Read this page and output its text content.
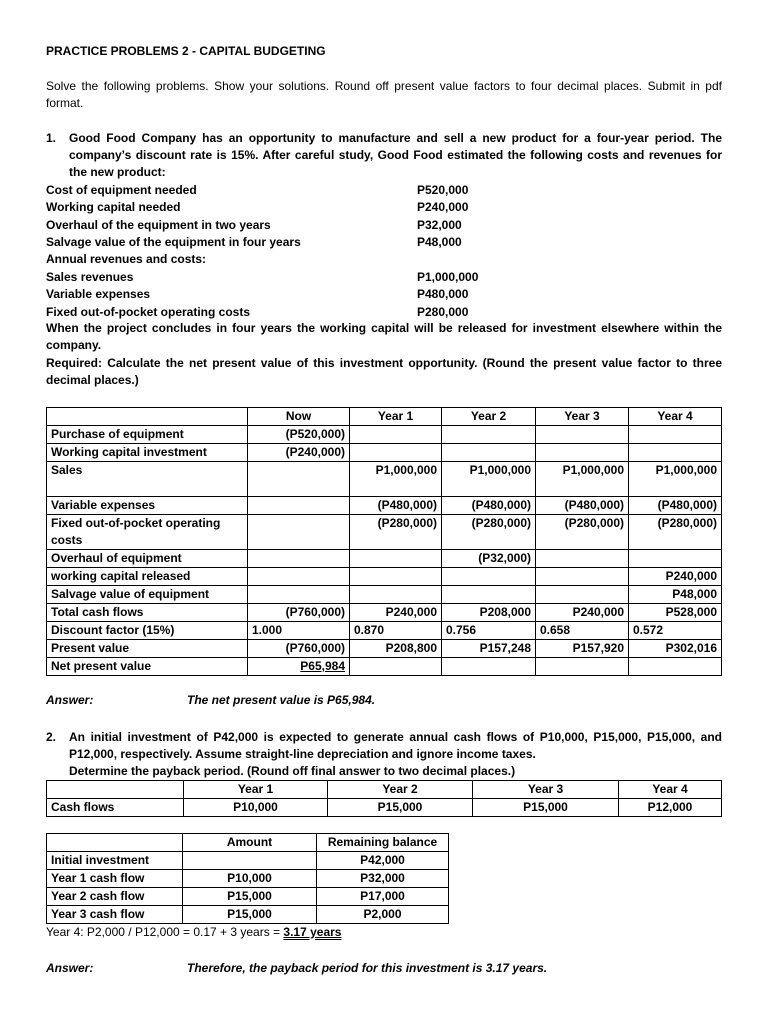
PRACTICE PROBLEMS 2 - CAPITAL BUDGETING
Solve the following problems. Show your solutions. Round off present value factors to four decimal places. Submit in pdf format.
1. Good Food Company has an opportunity to manufacture and sell a new product for a four-year period. The company’s discount rate is 15%. After careful study, Good Food estimated the following costs and revenues for the new product:
Cost of equipment needed	P520,000
Working capital needed	P240,000
Overhaul of the equipment in two years	P32,000
Salvage value of the equipment in four years	P48,000
Annual revenues and costs:
Sales revenues	P1,000,000
Variable expenses	P480,000
Fixed out-of-pocket operating costs	P280,000
When the project concludes in four years the working capital will be released for investment elsewhere within the company.
Required: Calculate the net present value of this investment opportunity. (Round the present value factor to three decimal places.)
	Now	Year 1	Year 2	Year 3	Year 4
Purchase of equipment	(P520,000)				
Working capital investment	(P240,000)				
Sales		P1,000,000	P1,000,000	P1,000,000	P1,000,000
Variable expenses		(P480,000)	(P480,000)	(P480,000)	(P480,000)
Fixed out-of-pocket operating costs		(P280,000)	(P280,000)	(P280,000)	(P280,000)
Overhaul of equipment			(P32,000)		
working capital released					P240,000
Salvage value of equipment					P48,000
Total cash flows	(P760,000)	P240,000	P208,000	P240,000	P528,000
Discount factor (15%)	1.000	0.870	0.756	0.658	0.572
Present value	(P760,000)	P208,800	P157,248	P157,920	P302,016
Net present value	P65,984				
Answer:	The net present value is P65,984.
2. An initial investment of P42,000 is expected to generate annual cash flows of P10,000, P15,000, P15,000, and P12,000, respectively. Assume straight-line depreciation and ignore income taxes.
Determine the payback period. (Round off final answer to two decimal places.)
	Year 1	Year 2	Year 3	Year 4
Cash flows	P10,000	P15,000	P15,000	P12,000
	Amount	Remaining balance
Initial investment		P42,000
Year 1 cash flow	P10,000	P32,000
Year 2 cash flow	P15,000	P17,000
Year 3 cash flow	P15,000	P2,000
Year 4: P2,000 / P12,000 = 0.17 + 3 years = 3.17 years
Answer:	Therefore, the payback period for this investment is 3.17 years.
